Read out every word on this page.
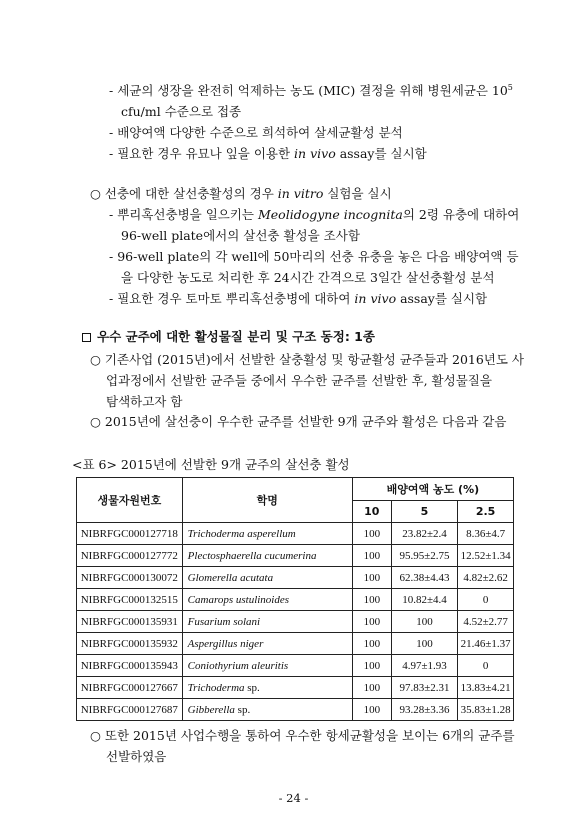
- 세균의 생장을 완전히 억제하는 농도 (MIC) 결정을 위해 병원세균은 $10^5$
cfu/ml 수준으로 접종
- 배양여액 다양한 수준으로 희석하여 살세균활성 분석
- 필요한 경우 유묘나 잎을 이용한 in vivo assay를 실시함
○ 선충에 대한 살선충활성의 경우 in vitro 실험을 실시
- 뿌리혹선충병을 일으키는 Meolidogyne incognita의 2령 유충에 대하여
96-well plate에서의 살선충 활성을 조사함
- 96-well plate의 각 well에 50마리의 선충 유충을 놓은 다음 배양여액 등
을 다양한 농도로 처리한 후 24시간 간격으로 3일간 살선충활성 분석
- 필요한 경우 토마토 뿌리혹선충병에 대하여 in vivo assay를 실시함
우수 균주에 대한 활성물질 분리 및 구조 동정: 1종
○ 기존사업 (2015년)에서 선발한 살충활성 및 항균활성 균주들과 2016년도 사
업과정에서 선발한 균주들 중에서 우수한 균주를 선발한 후, 활성물질을
탐색하고자 함
○ 2015년에 살선충이 우수한 균주를 선발한 9개 균주와 활성은 다음과 같음
<표 6> 2015년에 선발한 9개 균주의 살선충 활성
생물자원번호	학명	배양여액 농도 (%)		
		10	5	2.5
NIBRFGC000127718	Trichoderma asperellum	100	23.82±2.4	8.36±4.7
NIBRFGC000127772	Plectosphaerella cucumerina	100	95.95±2.75	12.52±1.34
NIBRFGC000130072	Glomerella acutata	100	62.38±4.43	4.82±2.62
NIBRFGC000132515	Camarops ustulinoides	100	10.82±4.4	0
NIBRFGC000135931	Fusarium solani	100	100	4.52±2.77
NIBRFGC000135932	Aspergillus niger	100	100	21.46±1.37
NIBRFGC000135943	Coniothyrium aleuritis	100	4.97±1.93	0
NIBRFGC000127667	Trichoderma sp.	100	97.83±2.31	13.83±4.21
NIBRFGC000127687	Gibberella sp.	100	93.28±3.36	35.83±1.28
○ 또한 2015년 사업수행을 통하여 우수한 항세균활성을 보이는 6개의 균주를
선발하였음
- 24 -
